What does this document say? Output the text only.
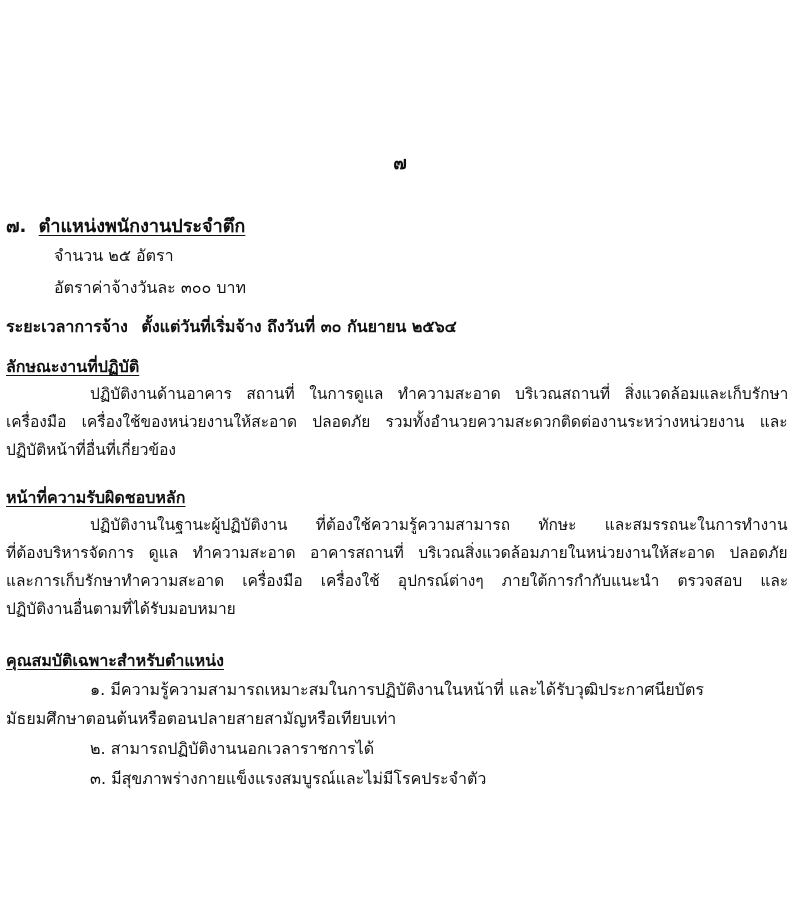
๗
๗. ตำแหน่งพนักงานประจำตึก
จำนวน ๒๕ อัตรา
อัตราค่าจ้างวันละ ๓๐๐ บาท
ระยะเวลาการจ้าง ตั้งแต่วันที่เริ่มจ้าง ถึงวันที่ ๓๐ กันยายน ๒๕๖๔
ลักษณะงานที่ปฏิบัติ
ปฏิบัติงานด้านอาคาร สถานที่ ในการดูแล ทำความสะอาด บริเวณสถานที่ สิ่งแวดล้อมและเก็บรักษา
เครื่องมือ เครื่องใช้ของหน่วยงานให้สะอาด ปลอดภัย รวมทั้งอำนวยความสะดวกติดต่องานระหว่างหน่วยงาน และ
ปฏิบัติหน้าที่อื่นที่เกี่ยวข้อง
หน้าที่ความรับผิดชอบหลัก
ปฏิบัติงานในฐานะผู้ปฏิบัติงาน ที่ต้องใช้ความรู้ความสามารถ ทักษะ และสมรรถนะในการทำงาน
ที่ต้องบริหารจัดการ ดูแล ทำความสะอาด อาคารสถานที่ บริเวณสิ่งแวดล้อมภายในหน่วยงานให้สะอาด ปลอดภัย
และการเก็บรักษาทำความสะอาด เครื่องมือ เครื่องใช้ อุปกรณ์ต่างๆ ภายใต้การกำกับแนะนำ ตรวจสอบ และ
ปฏิบัติงานอื่นตามที่ได้รับมอบหมาย
คุณสมบัติเฉพาะสำหรับตำแหน่ง
๑. มีความรู้ความสามารถเหมาะสมในการปฏิบัติงานในหน้าที่ และได้รับวุฒิประกาศนียบัตร
มัธยมศึกษาตอนต้นหรือตอนปลายสายสามัญหรือเทียบเท่า
๒. สามารถปฏิบัติงานนอกเวลาราชการได้
๓. มีสุขภาพร่างกายแข็งแรงสมบูรณ์และไม่มีโรคประจำตัว
